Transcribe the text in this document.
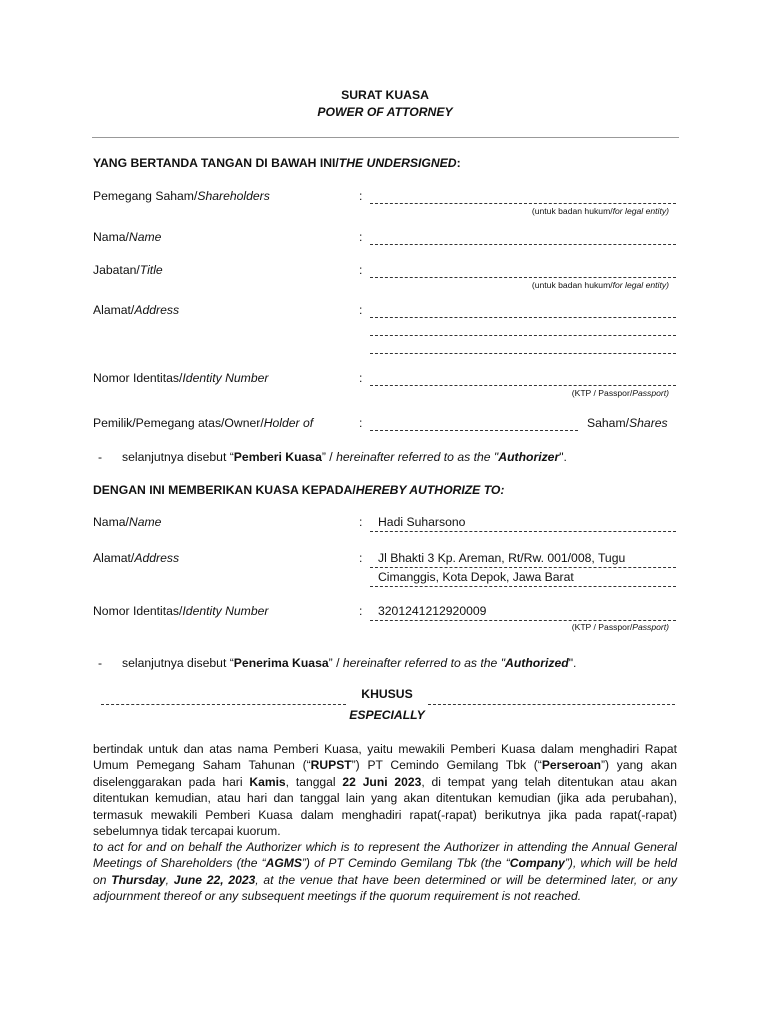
SURAT KUASA
POWER OF ATTORNEY
YANG BERTANDA TANGAN DI BAWAH INI/THE UNDERSIGNED:
Pemegang Saham/Shareholders	:
(untuk badan hukum/for legal entity)
Nama/Name	:
Jabatan/Title	:
(untuk badan hukum/for legal entity)
Alamat/Address	:
Nomor Identitas/Identity Number	:
(KTP / Passpor/Passport)
Pemilik/Pemegang atas/Owner/Holder of	:	Saham/Shares
- selanjutnya disebut “Pemberi Kuasa” / hereinafter referred to as the "Authorizer".
DENGAN INI MEMBERIKAN KUASA KEPADA/HEREBY AUTHORIZE TO:
Nama/Name	: Hadi Suharsono
Alamat/Address	: Jl Bhakti 3 Kp. Areman, Rt/Rw. 001/008, Tugu
Cimanggis, Kota Depok, Jawa Barat
Nomor Identitas/Identity Number	: 3201241212920009
(KTP / Passpor/Passport)
- selanjutnya disebut “Penerima Kuasa” / hereinafter referred to as the "Authorized".
KHUSUS
ESPECIALLY
bertindak untuk dan atas nama Pemberi Kuasa, yaitu mewakili Pemberi Kuasa dalam menghadiri Rapat Umum Pemegang Saham Tahunan (“RUPST”) PT Cemindo Gemilang Tbk (“Perseroan”) yang akan diselenggarakan pada hari Kamis, tanggal 22 Juni 2023, di tempat yang telah ditentukan atau akan ditentukan kemudian, atau hari dan tanggal lain yang akan ditentukan kemudian (jika ada perubahan), termasuk mewakili Pemberi Kuasa dalam menghadiri rapat(-rapat) berikutnya jika pada rapat(-rapat) sebelumnya tidak tercapai kuorum.
to act for and on behalf the Authorizer which is to represent the Authorizer in attending the Annual General Meetings of Shareholders (the “AGMS”) of PT Cemindo Gemilang Tbk (the “Company”), which will be held on Thursday, June 22, 2023, at the venue that have been determined or will be determined later, or any adjournment thereof or any subsequent meetings if the quorum requirement is not reached.
